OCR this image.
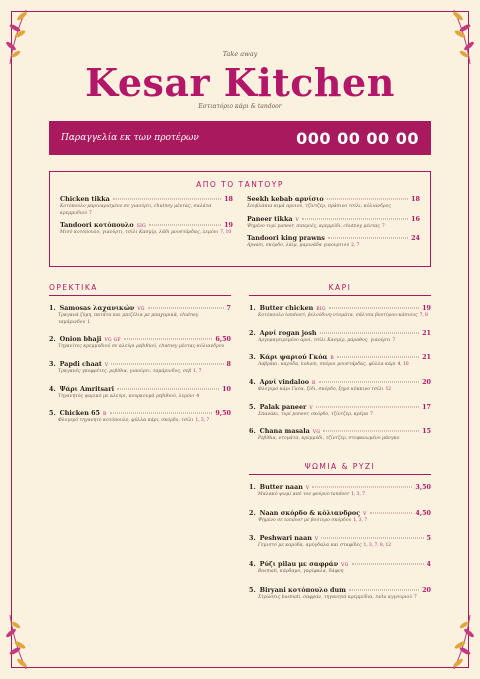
Take away
Kesar Kitchen
Εστιατόριο κάρι & tandoor
Παραγγελία εκ των προτέρων	000 00 00 00
ΑΠΟ ΤΟ ΤΑΝΤΟΥΡ
Chicken tikka	18
Κοτόπουλο μαριναρισμένο σε γιαούρτι, chutney μέντας, σαλάτα κρεμμυδιού 7
Tandoori κοτόπουλο SIG	19
Μισό κοτόπουλο, γιαούρτι, τσίλι Κασμίρ, λάδι μουστάρδας, λεμόνι 7, 10
Seekh kebab αρνίσιο	18
Σουβλάκια κιμά αρνιού, τζίντζερ, πράσινο τσίλι, κόλιανδρος
Paneer tikka V	16
Ψημένο τυρί paneer, πιπεριές, κρεμμύδι, chutney μέντας 7
Tandoori king prawns	24
Αjwain, σκόρδο, λάιμ, μαρινάδα γιαουρτιού 2, 7
ΟΡΕΚΤΙΚΑ
1. Samosas λαχανικών VG	7
Τραγανά ζύμη, πατάτα και μπιζέλια με μπαχαρικά, chutney ταμάρινδου 1
2. Onion bhaji VG GF	6,50
Τηγανίτες κρεμμυδιού σε αλεύρι ρεβιθιού, chutney μέντας-κόλιανδρου
3. Papdi chaat V	8
Τραγανές γκοφρέτες, ρεβίθια, γιαούρτι, ταμάρινδος, σεβ 1, 7
4. Ψάρι Amritsari	10
Τηγανητός ψαρικό με αλεύρι, κουρκουμά ρεβιθιού, λεμόνι 4
5. Chicken 65 B	9,50
Φλογερό τηγανητό κοτόπουλο, φύλλα κάρι, σκόρδο, τσίλι 1, 3, 7
ΚΑΡΙ
1. Butter chicken BIG	19
Κοτόπουλο tandoori, βελούδινη ντομάτα, σάλτσα βουτύρου-κάσιους 7, 8
2. Αρνί rogan josh	21
Αργομαγειρεμένο αρνί, τσίλι Κασμίρ, μάραθος, γιαούρτι 7
3. Κάρι ψαριού Γκόα B	21
Λαβράκι, καρύδα, kokum, σπόροι μουστάρδας, φύλλα κάρι 4, 10
4. Αρνί vindaloo B	20
Φλογερό κάρι Γκόα, ξίδι, σκόρδο, ξηρό κόκκινο τσίλι 12
5. Palak paneer V	17
Σπανάκι, τυρί paneer, σκόρδο, τζίντζερ, κρέμα 7
6. Chana masala VG	15
Ρεβίθια, ντομάτα, κρεμμύδι, τζίντζερ, στεφανωμένο μάνγκο
ΨΩΜΙΑ & ΡΥΖΙ
1. Butter naan V	3,50
Μαλακό ψωμί από τον φούρνο tandoor 1, 3, 7
2. Naan σκόρδο & κόλιανδρος V	4,50
Ψημένο σε tandoor με βούτυρο σκόρδου 1, 3, 7
3. Peshwari naan V	5
Γεμιστό με καρύδα, αμύγδαλα και σταφίδες 1, 3, 7, 8, 12
4. Ρύζι pilau με σαφράν VG	4
Basmati, κάρδαμο, γαρίφαλα, δάφνη
5. Biryani κοτόπουλο dum	20
Στρώσεις basmati, σαφράν, τηγανητά κρεμμύδια, raita αγγουριού 7
